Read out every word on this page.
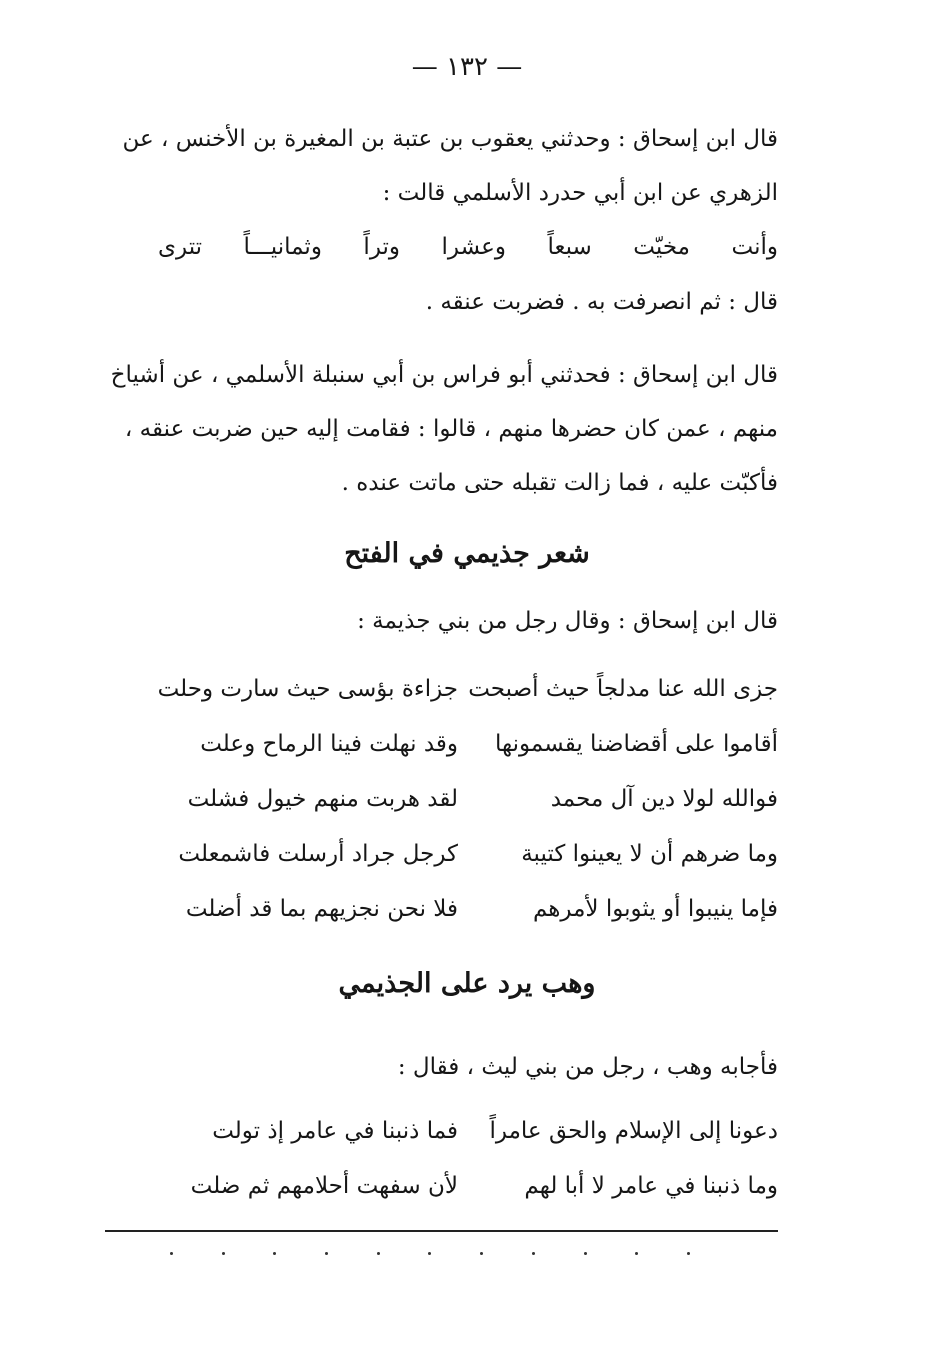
— ١٣٢ —
قال ابن إسحاق : وحدثني يعقوب بن عتبة بن المغيرة بن الأخنس ، عن
الزهري عن ابن أبي حدرد الأسلمي قالت :
وأنت مخيّت سبعاً وعشرا وتراً وثمانيـــاً تترى
قال : ثم انصرفت به . فضربت عنقه .
قال ابن إسحاق : فحدثني أبو فراس بن أبي سنبلة الأسلمي ، عن أشياخ
منهم ، عمن كان حضرها منهم ، قالوا : فقامت إليه حين ضربت عنقه ،
فأكبّت عليه ، فما زالت تقبله حتى ماتت عنده .
شعر جذيمي في الفتح
قال ابن إسحاق : وقال رجل من بني جذيمة :
جزى الله عنا مدلجاً حيث أصبحت
جزاءة بؤسى حيث سارت وحلت
أقاموا على أقضاضنا يقسمونها
وقد نهلت فينا الرماح وعلت
فوالله لولا دين آل محمد
لقد هربت منهم خيول فشلت
وما ضرهم أن لا يعينوا كتيبة
كرجل جراد أرسلت فاشمعلت
فإما ينيبوا أو يثوبوا لأمرهم
فلا نحن نجزيهم بما قد أضلت
وهب يرد على الجذيمي
فأجابه وهب ، رجل من بني ليث ، فقال :
دعونا إلى الإسلام والحق عامراً
فما ذنبنا في عامر إذ تولت
وما ذنبنا في عامر لا أبا لهم
لأن سفهت أحلامهم ثم ضلت
